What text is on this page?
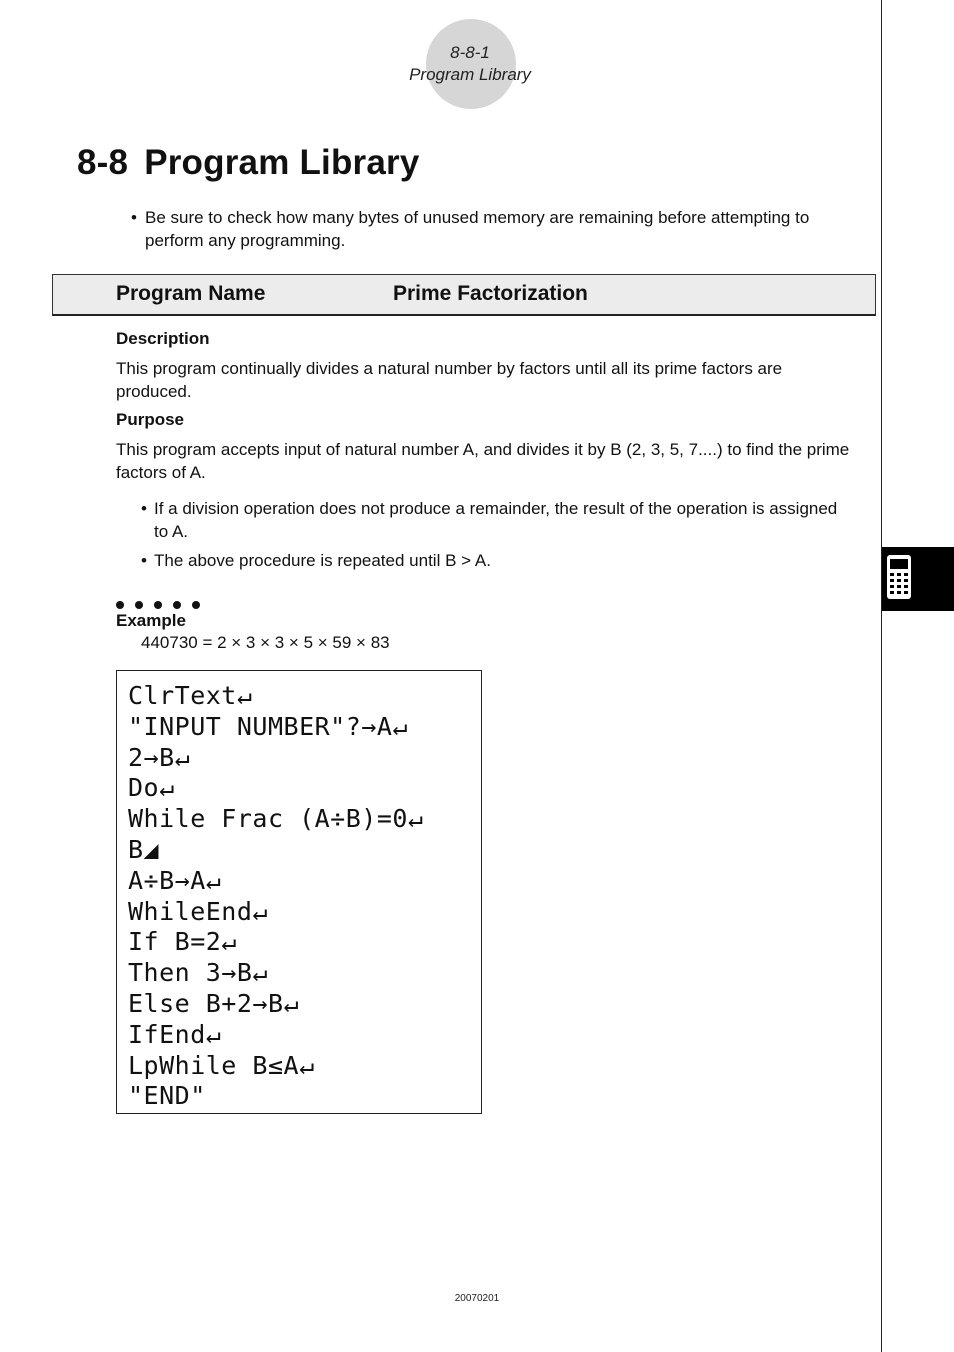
8-8-1
Program Library
8-8 Program Library
• Be sure to check how many bytes of unused memory are remaining before attempting to perform any programming.
Program Name	Prime Factorization
Description
This program continually divides a natural number by factors until all its prime factors are produced.
Purpose
This program accepts input of natural number A, and divides it by B (2, 3, 5, 7....) to find the prime factors of A.
• If a division operation does not produce a remainder, the result of the operation is assigned to A.
• The above procedure is repeated until B > A.
Example
440730 = 2 × 3 × 3 × 5 × 59 × 83
ClrText↵
"INPUT NUMBER"?→A↵
2→B↵
Do↵
While Frac (A÷B)=0↵
B◢
A÷B→A↵
WhileEnd↵
If B=2↵
Then 3→B↵
Else B+2→B↵
IfEnd↵
LpWhile B≤A↵
"END"
20070201
